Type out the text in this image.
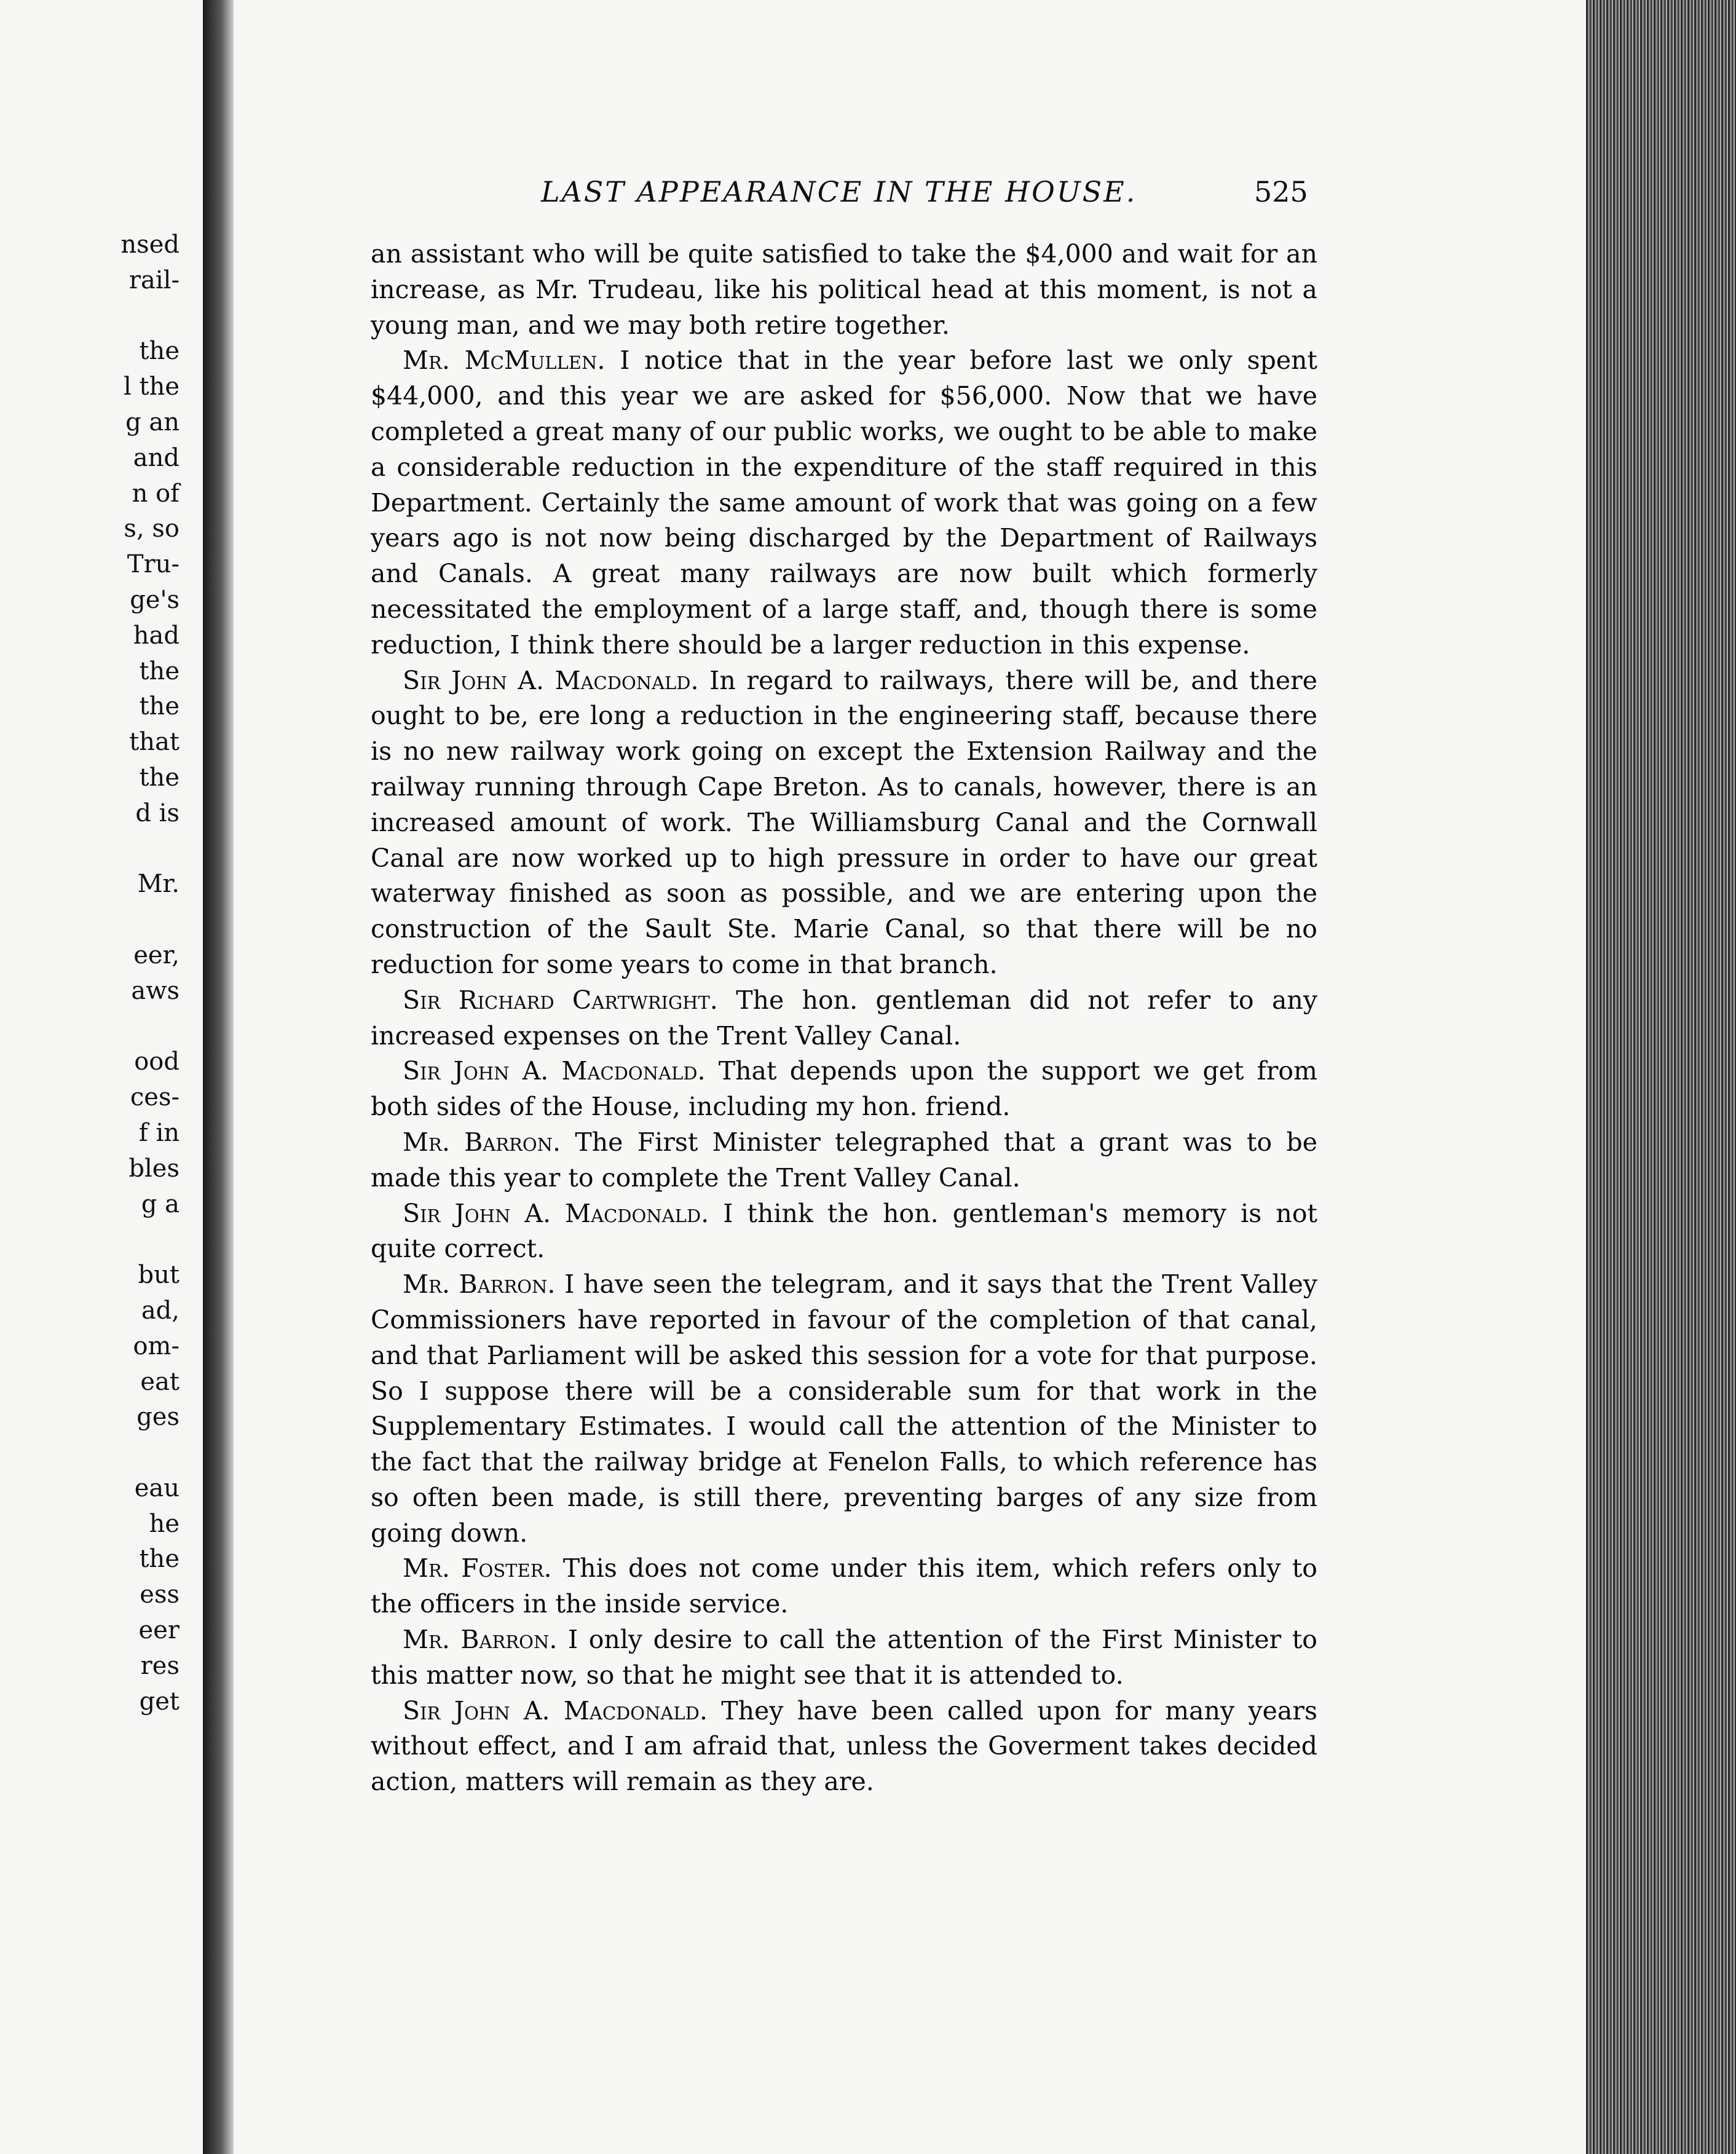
nsed
rail-

the
l the
g an
and
n of
s, so
Tru-
ge's
had
the
the
that
the
d is

Mr.

eer,
aws

ood
ces-
f in
bles
g a

but
ad,
om-
eat
ges

eau
he
the
ess
eer
res
get
LAST APPEARANCE IN THE HOUSE.	525

an assistant who will be quite satisfied to take the $4,000 and wait for an increase, as Mr. Trudeau, like his political head at this moment, is not a young man, and we may both retire together.

Mr. McMullen. I notice that in the year before last we only spent $44,000, and this year we are asked for $56,000. Now that we have completed a great many of our public works, we ought to be able to make a considerable reduction in the expenditure of the staff required in this Department. Certainly the same amount of work that was going on a few years ago is not now being discharged by the Department of Railways and Canals. A great many railways are now built which formerly necessitated the employment of a large staff, and, though there is some reduction, I think there should be a larger reduction in this expense.

Sir John A. Macdonald. In regard to railways, there will be, and there ought to be, ere long a reduction in the engineering staff, because there is no new railway work going on except the Extension Railway and the railway running through Cape Breton. As to canals, however, there is an increased amount of work. The Williamsburg Canal and the Cornwall Canal are now worked up to high pressure in order to have our great waterway finished as soon as possible, and we are entering upon the construction of the Sault Ste. Marie Canal, so that there will be no reduction for some years to come in that branch.

Sir Richard Cartwright. The hon. gentleman did not refer to any increased expenses on the Trent Valley Canal.

Sir John A. Macdonald. That depends upon the support we get from both sides of the House, including my hon. friend.

Mr. Barron. The First Minister telegraphed that a grant was to be made this year to complete the Trent Valley Canal.

Sir John A. Macdonald. I think the hon. gentleman's memory is not quite correct.

Mr. Barron. I have seen the telegram, and it says that the Trent Valley Commissioners have reported in favour of the completion of that canal, and that Parliament will be asked this session for a vote for that purpose. So I suppose there will be a considerable sum for that work in the Supplementary Estimates. I would call the attention of the Minister to the fact that the railway bridge at Fenelon Falls, to which reference has so often been made, is still there, preventing barges of any size from going down.

Mr. Foster. This does not come under this item, which refers only to the officers in the inside service.

Mr. Barron. I only desire to call the attention of the First Minister to this matter now, so that he might see that it is attended to.

Sir John A. Macdonald. They have been called upon for many years without effect, and I am afraid that, unless the Goverment takes decided action, matters will remain as they are.
